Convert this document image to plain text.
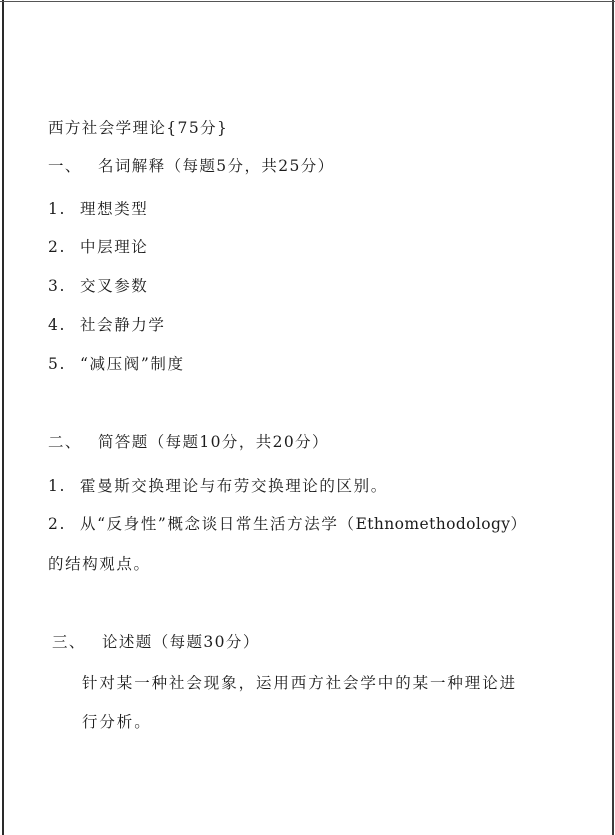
西方社会学理论{75分}
一、 名词解释（每题5分，共25分）
1. 理想类型
2. 中层理论
3. 交叉参数
4. 社会静力学
5. “减压阀”制度
二、 简答题（每题10分，共20分）
1. 霍曼斯交换理论与布劳交换理论的区别。
2. 从“反身性”概念谈日常生活方法学（Ethnomethodology）
的结构观点。
三、 论述题（每题30分）
针对某一种社会现象，运用西方社会学中的某一种理论进
行分析。
